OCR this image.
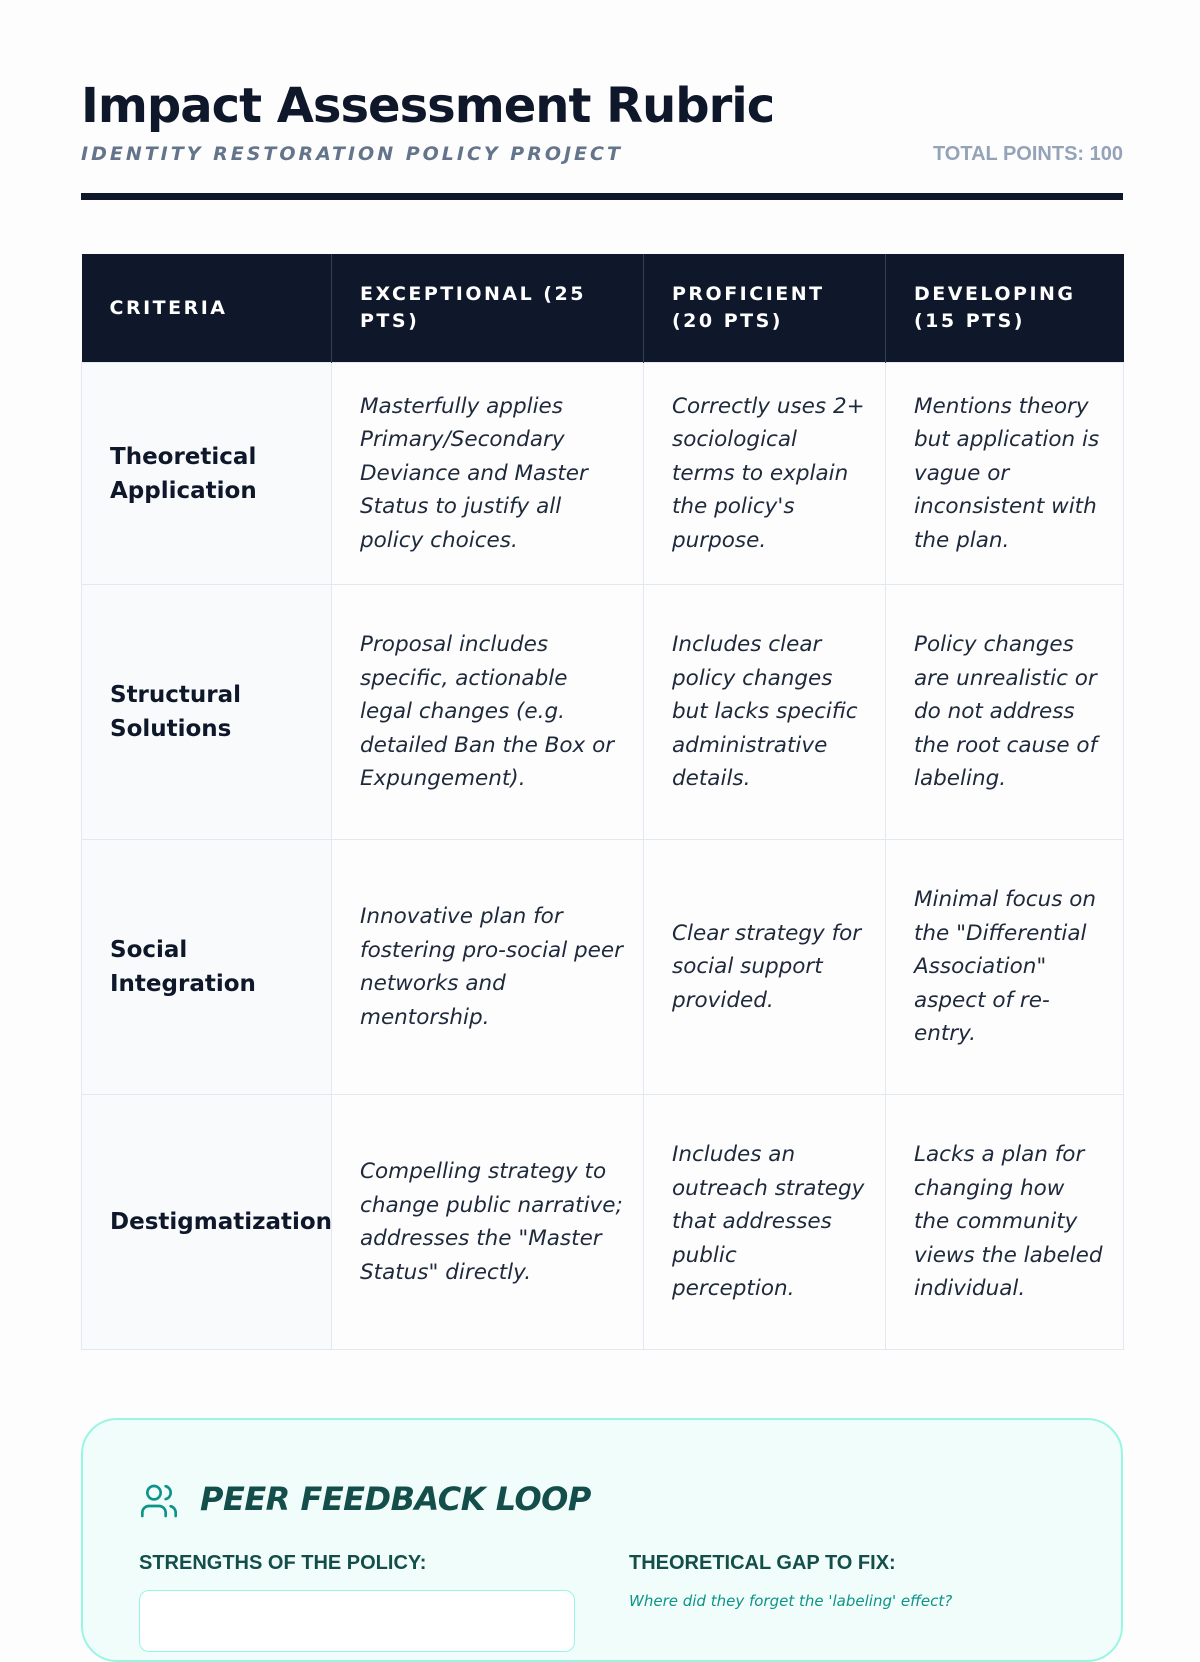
Impact Assessment Rubric
IDENTITY RESTORATION POLICY PROJECT	TOTAL POINTS: 100
CRITERIA	EXCEPTIONAL (25 PTS)	PROFICIENT (20 PTS)	DEVELOPING (15 PTS)
Theoretical Application	Masterfully applies Primary/Secondary Deviance and Master Status to justify all policy choices.	Correctly uses 2+ sociological terms to explain the policy's purpose.	Mentions theory but application is vague or inconsistent with the plan.
Structural Solutions	Proposal includes specific, actionable legal changes (e.g. detailed Ban the Box or Expungement).	Includes clear policy changes but lacks specific administrative details.	Policy changes are unrealistic or do not address the root cause of labeling.
Social Integration	Innovative plan for fostering pro-social peer networks and mentorship.	Clear strategy for social support provided.	Minimal focus on the "Differential Association" aspect of re-entry.
Destigmatization	Compelling strategy to change public narrative; addresses the "Master Status" directly.	Includes an outreach strategy that addresses public perception.	Lacks a plan for changing how the community views the labeled individual.
PEER FEEDBACK LOOP
STRENGTHS OF THE POLICY:	THEORETICAL GAP TO FIX:
Where did they forget the 'labeling' effect?
